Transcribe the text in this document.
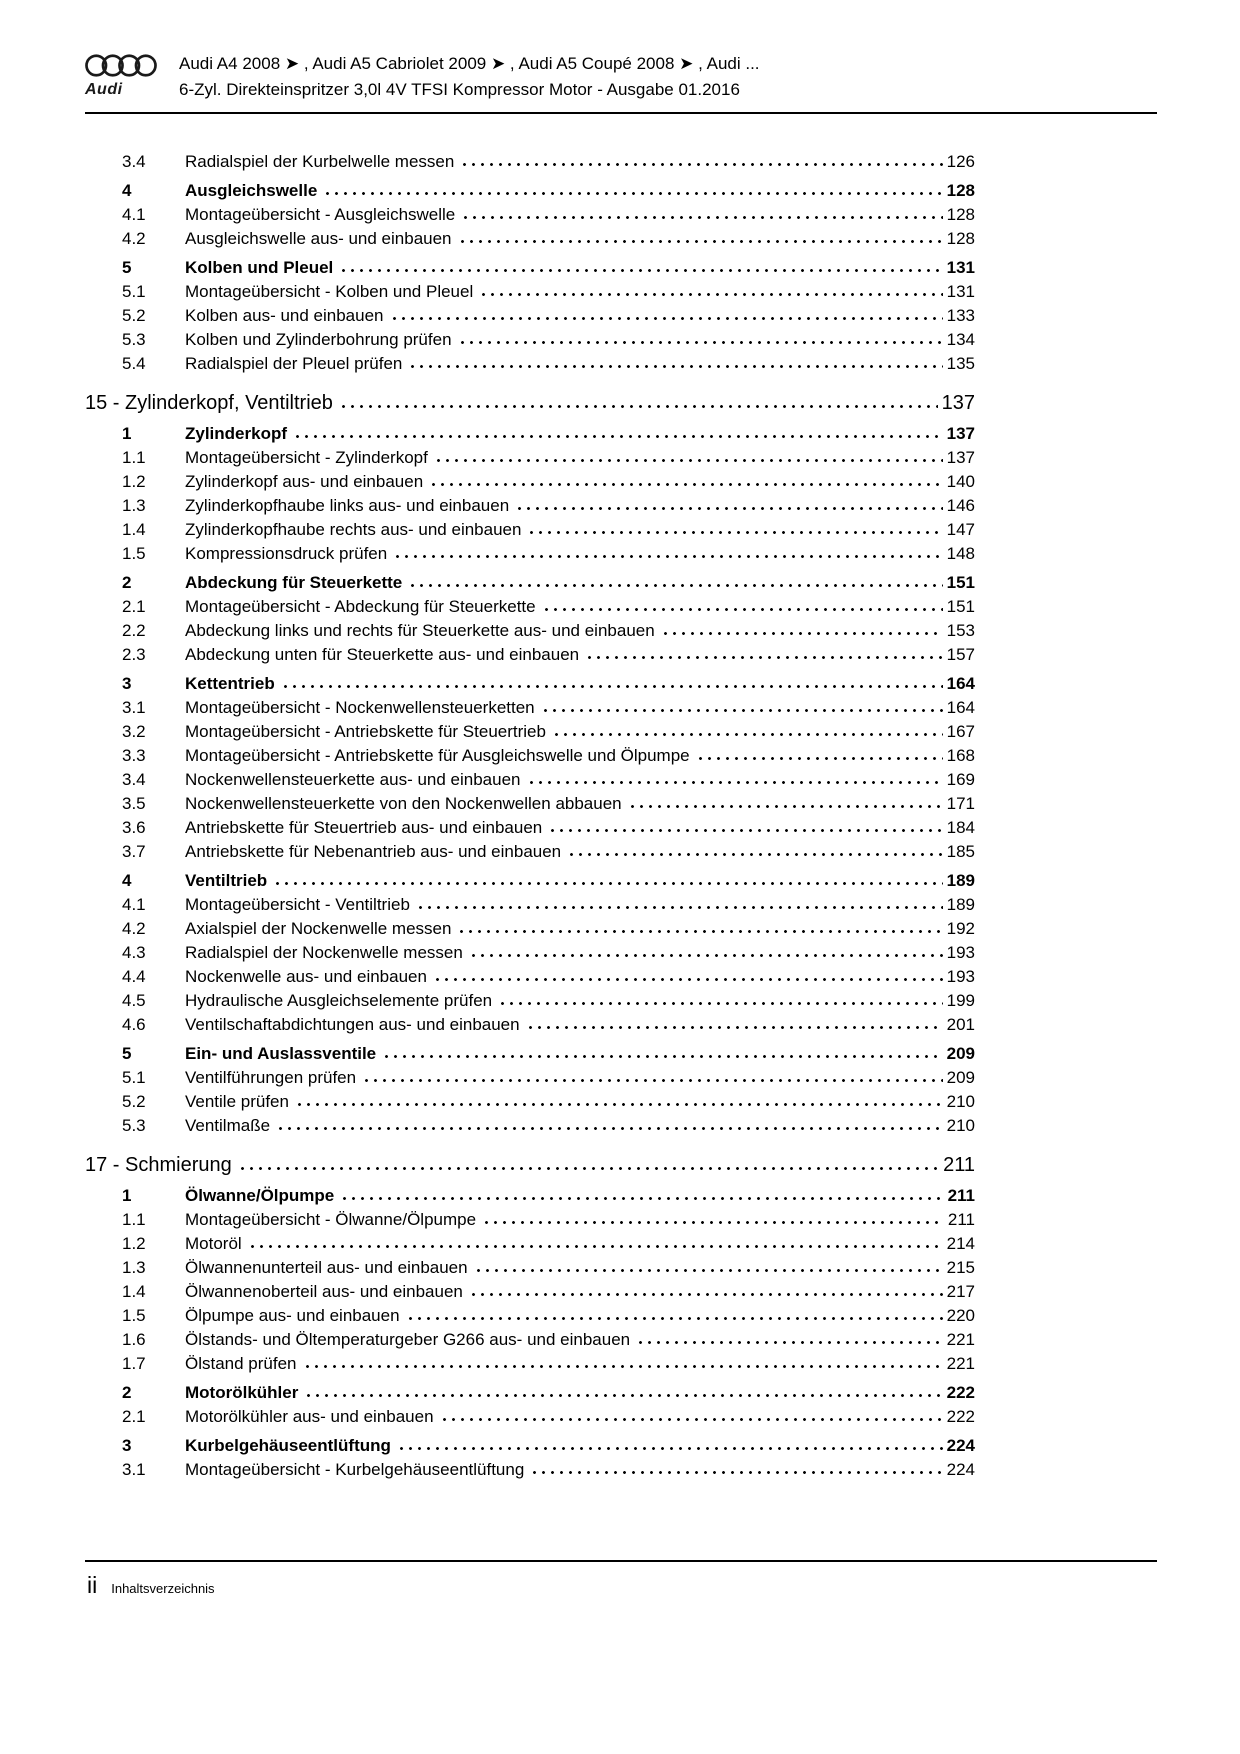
Audi
Audi A4 2008 ➤ , Audi A5 Cabriolet 2009 ➤ , Audi A5 Coupé 2008 ➤ , Audi ...
6-Zyl. Direkteinspritzer 3,0l 4V TFSI Kompressor Motor - Ausgabe 01.2016
3.4	Radialspiel der Kurbelwelle messen	126
4	Ausgleichswelle	128
4.1	Montageübersicht - Ausgleichswelle	128
4.2	Ausgleichswelle aus- und einbauen	128
5	Kolben und Pleuel	131
5.1	Montageübersicht - Kolben und Pleuel	131
5.2	Kolben aus- und einbauen	133
5.3	Kolben und Zylinderbohrung prüfen	134
5.4	Radialspiel der Pleuel prüfen	135
15 - Zylinderkopf, Ventiltrieb	137
1	Zylinderkopf	137
1.1	Montageübersicht - Zylinderkopf	137
1.2	Zylinderkopf aus- und einbauen	140
1.3	Zylinderkopfhaube links aus- und einbauen	146
1.4	Zylinderkopfhaube rechts aus- und einbauen	147
1.5	Kompressionsdruck prüfen	148
2	Abdeckung für Steuerkette	151
2.1	Montageübersicht - Abdeckung für Steuerkette	151
2.2	Abdeckung links und rechts für Steuerkette aus- und einbauen	153
2.3	Abdeckung unten für Steuerkette aus- und einbauen	157
3	Kettentrieb	164
3.1	Montageübersicht - Nockenwellensteuerketten	164
3.2	Montageübersicht - Antriebskette für Steuertrieb	167
3.3	Montageübersicht - Antriebskette für Ausgleichswelle und Ölpumpe	168
3.4	Nockenwellensteuerkette aus- und einbauen	169
3.5	Nockenwellensteuerkette von den Nockenwellen abbauen	171
3.6	Antriebskette für Steuertrieb aus- und einbauen	184
3.7	Antriebskette für Nebenantrieb aus- und einbauen	185
4	Ventiltrieb	189
4.1	Montageübersicht - Ventiltrieb	189
4.2	Axialspiel der Nockenwelle messen	192
4.3	Radialspiel der Nockenwelle messen	193
4.4	Nockenwelle aus- und einbauen	193
4.5	Hydraulische Ausgleichselemente prüfen	199
4.6	Ventilschaftabdichtungen aus- und einbauen	201
5	Ein- und Auslassventile	209
5.1	Ventilführungen prüfen	209
5.2	Ventile prüfen	210
5.3	Ventilmaße	210
17 - Schmierung	211
1	Ölwanne/Ölpumpe	211
1.1	Montageübersicht - Ölwanne/Ölpumpe	211
1.2	Motoröl	214
1.3	Ölwannenunterteil aus- und einbauen	215
1.4	Ölwannenoberteil aus- und einbauen	217
1.5	Ölpumpe aus- und einbauen	220
1.6	Ölstands- und Öltemperaturgeber G266 aus- und einbauen	221
1.7	Ölstand prüfen	221
2	Motorölkühler	222
2.1	Motorölkühler aus- und einbauen	222
3	Kurbelgehäuseentlüftung	224
3.1	Montageübersicht - Kurbelgehäuseentlüftung	224
ii Inhaltsverzeichnis
